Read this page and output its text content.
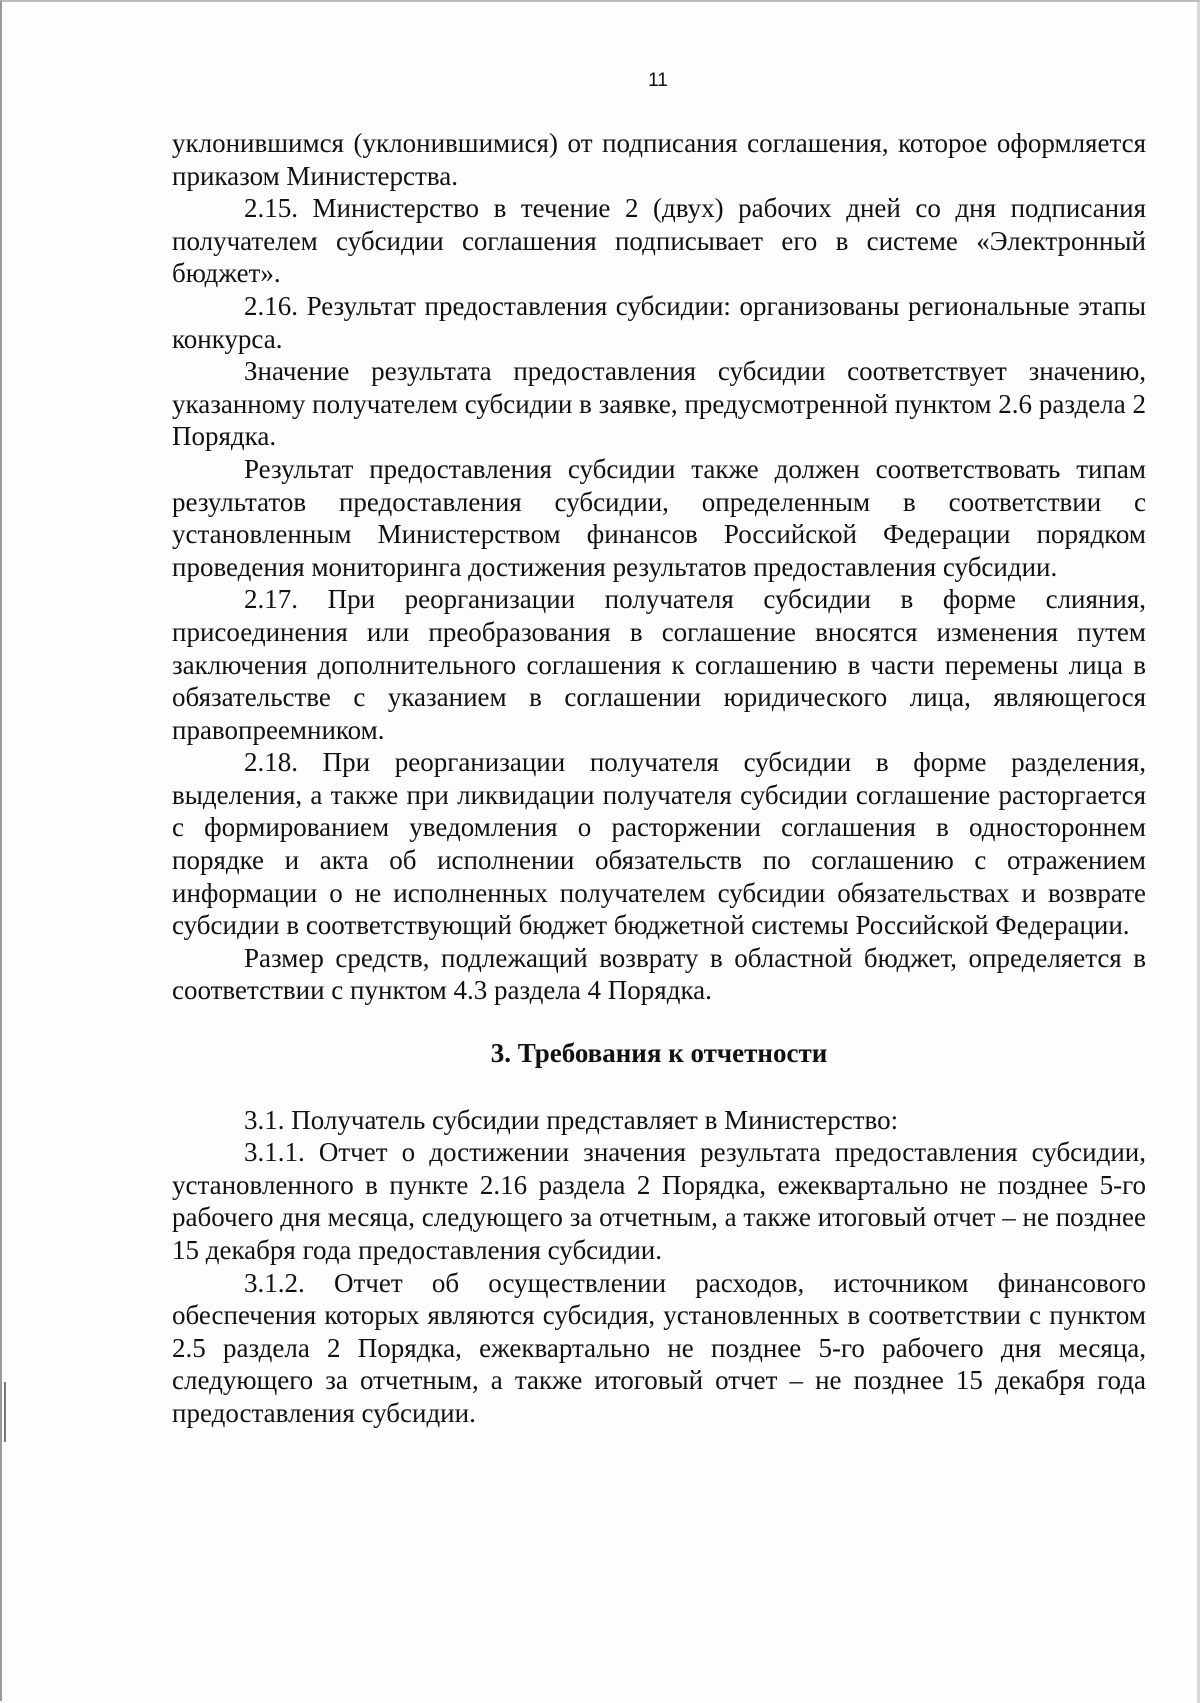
11

уклонившимся (уклонившимися) от подписания соглашения, которое оформляется приказом Министерства.

2.15. Министерство в течение 2 (двух) рабочих дней со дня подписания получателем субсидии соглашения подписывает его в системе «Электронный бюджет».

2.16. Результат предоставления субсидии: организованы региональные этапы конкурса.

Значение результата предоставления субсидии соответствует значению, указанному получателем субсидии в заявке, предусмотренной пунктом 2.6 раздела 2 Порядка.

Результат предоставления субсидии также должен соответствовать типам результатов предоставления субсидии, определенным в соответствии с установленным Министерством финансов Российской Федерации порядком проведения мониторинга достижения результатов предоставления субсидии.

2.17. При реорганизации получателя субсидии в форме слияния, присоединения или преобразования в соглашение вносятся изменения путем заключения дополнительного соглашения к соглашению в части перемены лица в обязательстве с указанием в соглашении юридического лица, являющегося правопреемником.

2.18. При реорганизации получателя субсидии в форме разделения, выделения, а также при ликвидации получателя субсидии соглашение расторгается с формированием уведомления о расторжении соглашения в одностороннем порядке и акта об исполнении обязательств по соглашению с отражением информации о не исполненных получателем субсидии обязательствах и возврате субсидии в соответствующий бюджет бюджетной системы Российской Федерации.

Размер средств, подлежащий возврату в областной бюджет, определяется в соответствии с пунктом 4.3 раздела 4 Порядка.

3. Требования к отчетности

3.1. Получатель субсидии представляет в Министерство:

3.1.1. Отчет о достижении значения результата предоставления субсидии, установленного в пункте 2.16 раздела 2 Порядка, ежеквартально не позднее 5-го рабочего дня месяца, следующего за отчетным, а также итоговый отчет – не позднее 15 декабря года предоставления субсидии.

3.1.2. Отчет об осуществлении расходов, источником финансового обеспечения которых являются субсидия, установленных в соответствии с пунктом 2.5 раздела 2 Порядка, ежеквартально не позднее 5-го рабочего дня месяца, следующего за отчетным, а также итоговый отчет – не позднее 15 декабря года предоставления субсидии.
